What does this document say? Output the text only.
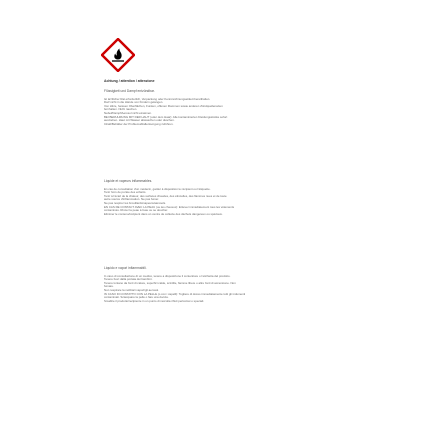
Achtung / attention / attenzione
Flüssigkeit und Dampf entzündbar.
Ist ärztlicher Rat erforderlich, Verpackung oder Kennzeichnungsetikett bereithalten.
Darf nicht in die Hände von Kindern gelangen.
Von Hitze, heissen Oberflächen, Funken, offenen Flammen sowie anderen Zündquellenarten
fernhalten. Nicht rauchen.
Nebel/Dampf/Aerosol nicht einatmen.
BEI BERÜHRUNG MIT DER HAUT (oder dem Haar): Alle kontaminierten Kleidungsstücke sofort
ausziehen. Haut mit Wasser abwaschen oder duschen.
Inhalt/Behälter der Problemabfallentsorgung zuführen.
Liquide et vapeurs inflammables.
En cas de consultation d'un médecin, garder à disposition le récipient ou l'étiquette.
Tenir hors de portée des enfants.
Tenir à l'écart de la chaleur, des surfaces chaudes, des étincelles, des flammes nues et de toute
autre source d'inflammation. Ne pas fumer.
Ne pas respirer les brouillards/vapeurs/aérosols.
EN CAS DE CONTACT AVEC LA PEAU (ou les cheveux): Enlever immédiatement tous les vêtements
contaminés. Rincer la peau à l'eau ou se doucher.
Éliminer le contenu/récipient dans un centre de collecte des déchets dangereux ou spéciaux.
Liquido e vapori infiammabili.
In caso di consultazione di un medico, tenere a disposizione il contenitore o l'etichetta del prodotto.
Tenere fuori dalla portata dei bambini.
Tenere lontano da fonti di calore, superfici calde, scintille, fiamme libere o altre fonti di accensione. Non
fumare.
Non respirare la nebbia/i vapori/gli aerosol.
IN CASO DI CONTATTO CON LA PELLE (o con i capelli): Togliere di dosso immediatamente tutti gli indumenti
contaminati. Sciacquare la pelle o fare una doccia.
Smaltire il prodotto/recipiente in un punto di raccolta rifiuti pericolosi o speciali.
